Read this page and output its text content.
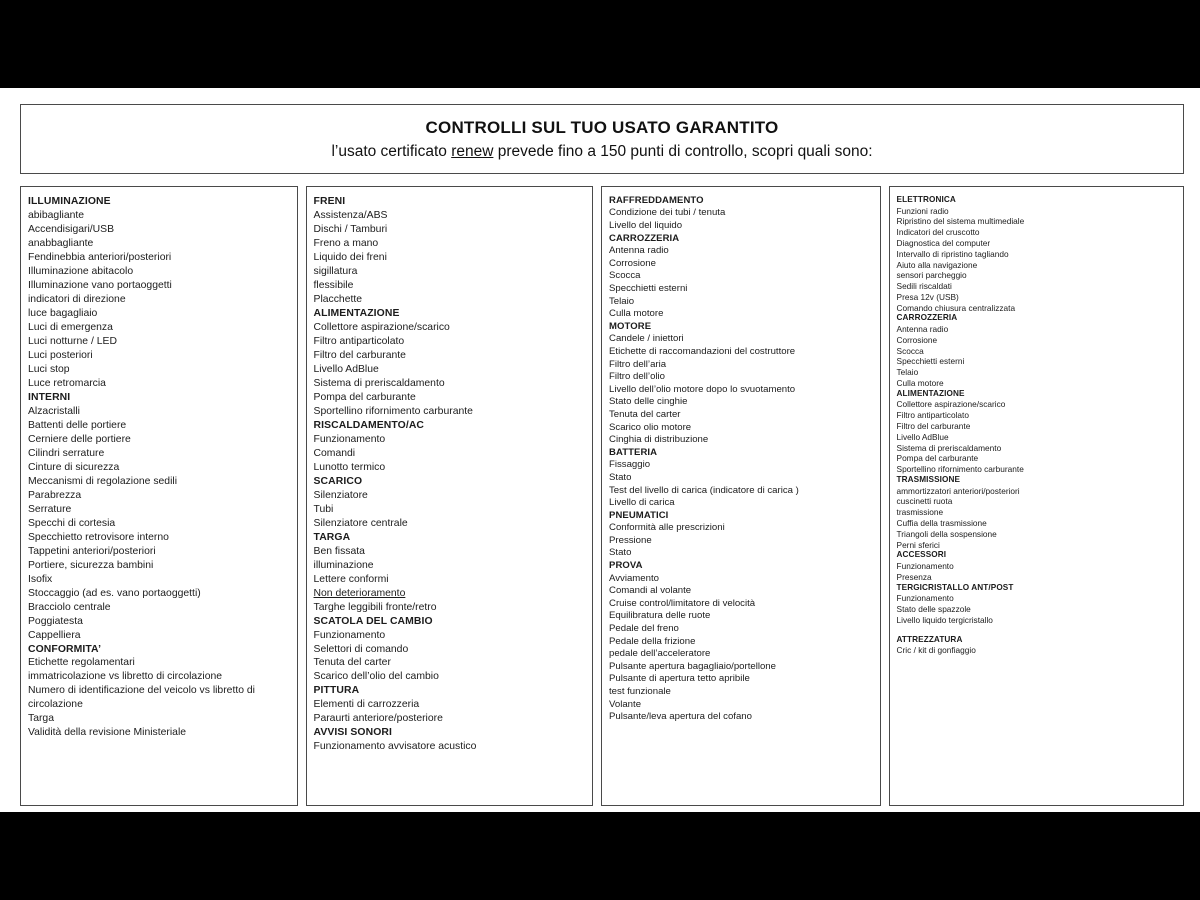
CONTROLLI SUL TUO USATO GARANTITO
l’usato certificato renew prevede fino a 150 punti di controllo, scopri quali sono:
ILLUMINAZIONE
abibagliante
Accendisigari/USB
anabbagliante
Fendinebbia anteriori/posteriori
Illuminazione abitacolo
Illuminazione vano portaoggetti
indicatori di direzione
luce bagagliaio
Luci di emergenza
Luci notturne / LED
Luci posteriori
Luci stop
Luce retromarcia
INTERNI
Alzacristalli
Battenti delle portiere
Cerniere delle portiere
Cilindri serrature
Cinture di sicurezza
Meccanismi di regolazione sedili
Parabrezza
Serrature
Specchi di cortesia
Specchietto retrovisore interno
Tappetini anteriori/posteriori
Portiere, sicurezza bambini
Isofix
Stoccaggio (ad es. vano portaoggetti)
Bracciolo centrale
Poggiatesta
Cappelliera
CONFORMITA’
Etichette regolamentari
immatricolazione vs libretto di circolazione
Numero di identificazione del veicolo vs libretto di circolazione
Targa
Validità della revisione Ministeriale
FRENI
Assistenza/ABS
Dischi / Tamburi
Freno a mano
Liquido dei freni
sigillatura
flessibile
Placchette
ALIMENTAZIONE
Collettore aspirazione/scarico
Filtro antiparticolato
Filtro del carburante
Livello AdBlue
Sistema di preriscaldamento
Pompa del carburante
Sportellino rifornimento carburante
RISCALDAMENTO/AC
Funzionamento
Comandi
Lunotto termico
SCARICO
Silenziatore
Tubi
Silenziatore centrale
TARGA
Ben fissata
illuminazione
Lettere conformi
Non deterioramento
Targhe leggibili fronte/retro
SCATOLA DEL CAMBIO
Funzionamento
Selettori di comando
Tenuta del carter
Scarico dell’olio del cambio
PITTURA
Elementi di carrozzeria
Paraurti anteriore/posteriore
AVVISI SONORI
Funzionamento avvisatore acustico
RAFFREDDAMENTO
Condizione dei tubi / tenuta
Livello del liquido
CARROZZERIA
Antenna radio
Corrosione
Scocca
Specchietti esterni
Telaio
Culla motore
MOTORE
Candele / iniettori
Etichette di raccomandazioni del costruttore
Filtro dell’aria
Filtro dell’olio
Livello dell’olio motore dopo lo svuotamento
Stato delle cinghie
Tenuta del carter
Scarico olio motore
Cinghia di distribuzione
BATTERIA
Fissaggio
Stato
Test del livello di carica (indicatore di carica )
Livello di carica
PNEUMATICI
Conformità alle prescrizioni
Pressione
Stato
PROVA
Avviamento
Comandi al volante
Cruise control/limitatore di velocità
Equilibratura delle ruote
Pedale del freno
Pedale della frizione
pedale dell’acceleratore
Pulsante apertura bagagliaio/portellone
Pulsante di apertura tetto apribile
test funzionale
Volante
Pulsante/leva apertura del cofano
ELETTRONICA
Funzioni radio
Ripristino del sistema multimediale
Indicatori del cruscotto
Diagnostica del computer
Intervallo di ripristino tagliando
Aiuto alla navigazione
sensori parcheggio
Sedili riscaldati
Presa 12v (USB)
Comando chiusura centralizzata
CARROZZERIA
Antenna radio
Corrosione
Scocca
Specchietti esterni
Telaio
Culla motore
ALIMENTAZIONE
Collettore aspirazione/scarico
Filtro antiparticolato
Filtro del carburante
Livello AdBlue
Sistema di preriscaldamento
Pompa del carburante
Sportellino rifornimento carburante
TRASMISSIONE
ammortizzatori anteriori/posteriori
cuscinetti ruota
trasmissione
Cuffia della trasmissione
Triangoli della sospensione
Perni sferici
ACCESSORI
Funzionamento
Presenza
TERGICRISTALLO ANT/POST
Funzionamento
Stato delle spazzole
Livello liquido tergicristallo
ATTREZZATURA
Cric / kit di gonfiaggio
